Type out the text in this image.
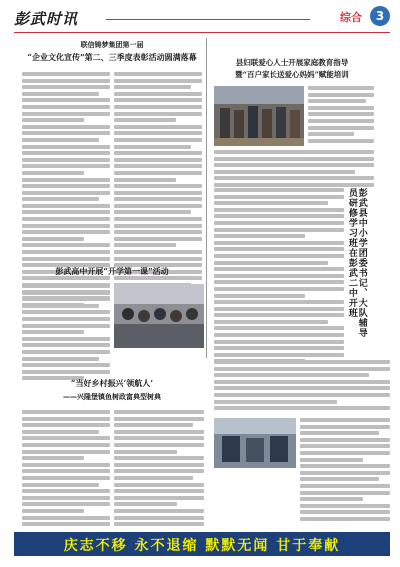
彭武时讯	综合	3
联信铸梦集团第一届
“企业文化宣传”第二、三季度表彰活动圆满落幕
县妇联爱心人士开展家庭教育指导
暨“百户家长送爱心妈妈”赋能培训
彭武县中小学团委书记、大队辅导员研修学习班在彭武二中开班
彭武高中开展“开学第一课”活动
“当好乡村振兴‘领航人’
——兴隆堡镇鱼树政富典型树典
庆志不移 永不退缩 默默无闻 甘于奉献
